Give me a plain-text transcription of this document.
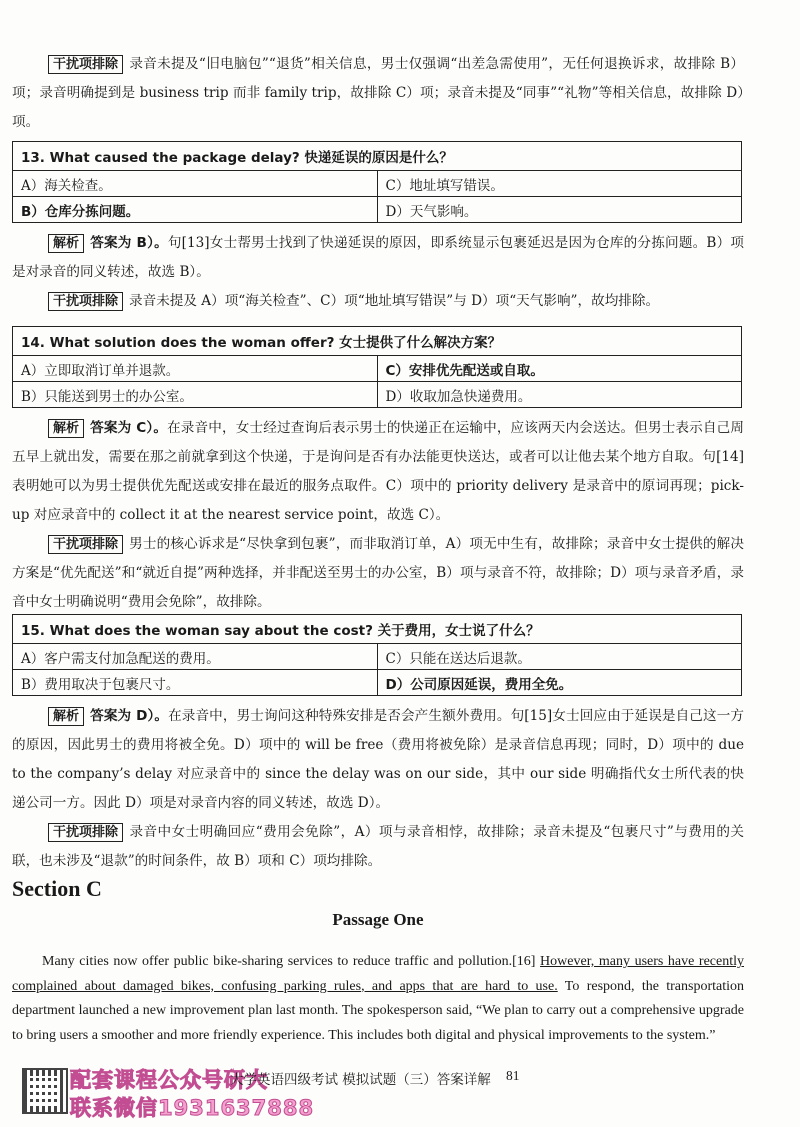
干扰项排除 录音未提及“旧电脑包”“退货”相关信息，男士仅强调“出差急需使用”，无任何退换诉求，故排除 B）项；录音明确提到是 business trip 而非 family trip，故排除 C）项；录音未提及“同事”“礼物”等相关信息，故排除 D）项。

13. What caused the package delay? 快递延误的原因是什么？	
A）海关检查。	C）地址填写错误。
B）仓库分拣问题。	D）天气影响。

解析 答案为 B）。句[13]女士帮男士找到了快递延误的原因，即系统显示包裹延迟是因为仓库的分拣问题。B）项是对录音的同义转述，故选 B）。

干扰项排除 录音未提及 A）项“海关检查”、C）项“地址填写错误”与 D）项“天气影响”，故均排除。

14. What solution does the woman offer? 女士提供了什么解决方案？	
A）立即取消订单并退款。	C）安排优先配送或自取。
B）只能送到男士的办公室。	D）收取加急快递费用。

解析 答案为 C）。在录音中，女士经过查询后表示男士的快递正在运输中，应该两天内会送达。但男士表示自己周五早上就出发，需要在那之前就拿到这个快递，于是询问是否有办法能更快送达，或者可以让他去某个地方自取。句[14]表明她可以为男士提供优先配送或安排在最近的服务点取件。C）项中的 priority delivery 是录音中的原词再现；pick-up 对应录音中的 collect it at the nearest service point，故选 C）。

干扰项排除 男士的核心诉求是“尽快拿到包裹”，而非取消订单，A）项无中生有，故排除；录音中女士提供的解决方案是“优先配送”和“就近自提”两种选择，并非配送至男士的办公室，B）项与录音不符，故排除；D）项与录音矛盾，录音中女士明确说明“费用会免除”，故排除。

15. What does the woman say about the cost? 关于费用，女士说了什么？	
A）客户需支付加急配送的费用。	C）只能在送达后退款。
B）费用取决于包裹尺寸。	D）公司原因延误，费用全免。

解析 答案为 D）。在录音中，男士询问这种特殊安排是否会产生额外费用。句[15]女士回应由于延误是自己这一方的原因，因此男士的费用将被全免。D）项中的 will be free（费用将被免除）是录音信息再现；同时，D）项中的 due to the company’s delay 对应录音中的 since the delay was on our side，其中 our side 明确指代女士所代表的快递公司一方。因此 D）项是对录音内容的同义转述，故选 D）。

干扰项排除 录音中女士明确回应“费用会免除”，A）项与录音相悖，故排除；录音未提及“包裹尺寸”与费用的关联，也未涉及“退款”的时间条件，故 B）项和 C）项均排除。

Section C
Passage One

Many cities now offer public bike-sharing services to reduce traffic and pollution.[16] However, many users have recently complained about damaged bikes, confusing parking rules, and apps that are hard to use. To respond, the transportation department launched a new improvement plan last month. The spokesperson said, “We plan to carry out a comprehensive upgrade to bring users a smoother and more friendly experience. This includes both digital and physical improvements to the system.”

配套课程公众号研大
联系微信1931637888
大学英语四级考试 模拟试题（三）答案详解 81
